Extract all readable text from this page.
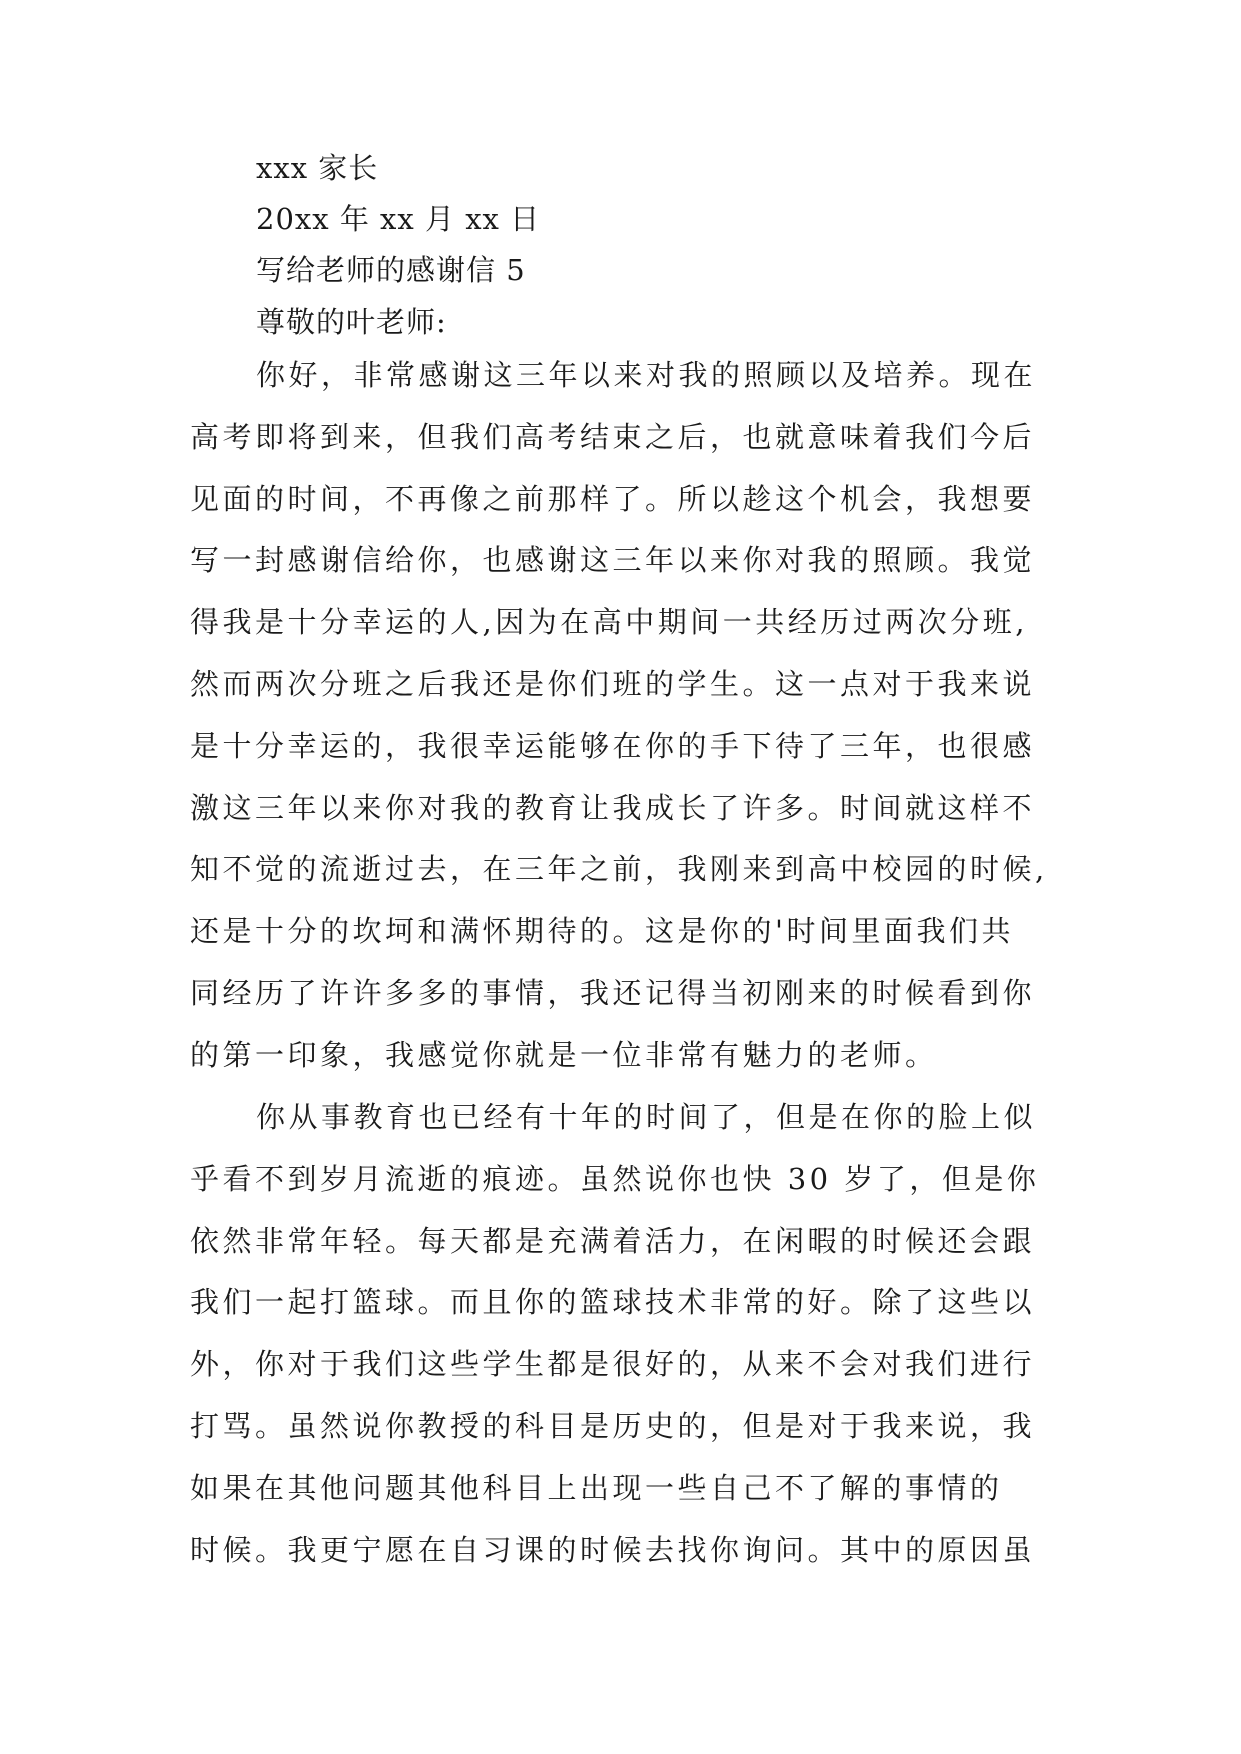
xxx 家长
20xx 年 xx 月 xx 日
写给老师的感谢信 5
尊敬的叶老师:
你好，非常感谢这三年以来对我的照顾以及培养。现在
高考即将到来，但我们高考结束之后，也就意味着我们今后
见面的时间，不再像之前那样了。所以趁这个机会，我想要
写一封感谢信给你，也感谢这三年以来你对我的照顾。我觉
得我是十分幸运的人,因为在高中期间一共经历过两次分班,
然而两次分班之后我还是你们班的学生。这一点对于我来说
是十分幸运的，我很幸运能够在你的手下待了三年，也很感
激这三年以来你对我的教育让我成长了许多。时间就这样不
知不觉的流逝过去，在三年之前，我刚来到高中校园的时候,
还是十分的坎坷和满怀期待的。这是你的'时间里面我们共
同经历了许许多多的事情，我还记得当初刚来的时候看到你
的第一印象，我感觉你就是一位非常有魅力的老师。
你从事教育也已经有十年的时间了，但是在你的脸上似
乎看不到岁月流逝的痕迹。虽然说你也快 30 岁了，但是你
依然非常年轻。每天都是充满着活力，在闲暇的时候还会跟
我们一起打篮球。而且你的篮球技术非常的好。除了这些以
外，你对于我们这些学生都是很好的，从来不会对我们进行
打骂。虽然说你教授的科目是历史的，但是对于我来说，我
如果在其他问题其他科目上出现一些自己不了解的事情的
时候。我更宁愿在自习课的时候去找你询问。其中的原因虽
